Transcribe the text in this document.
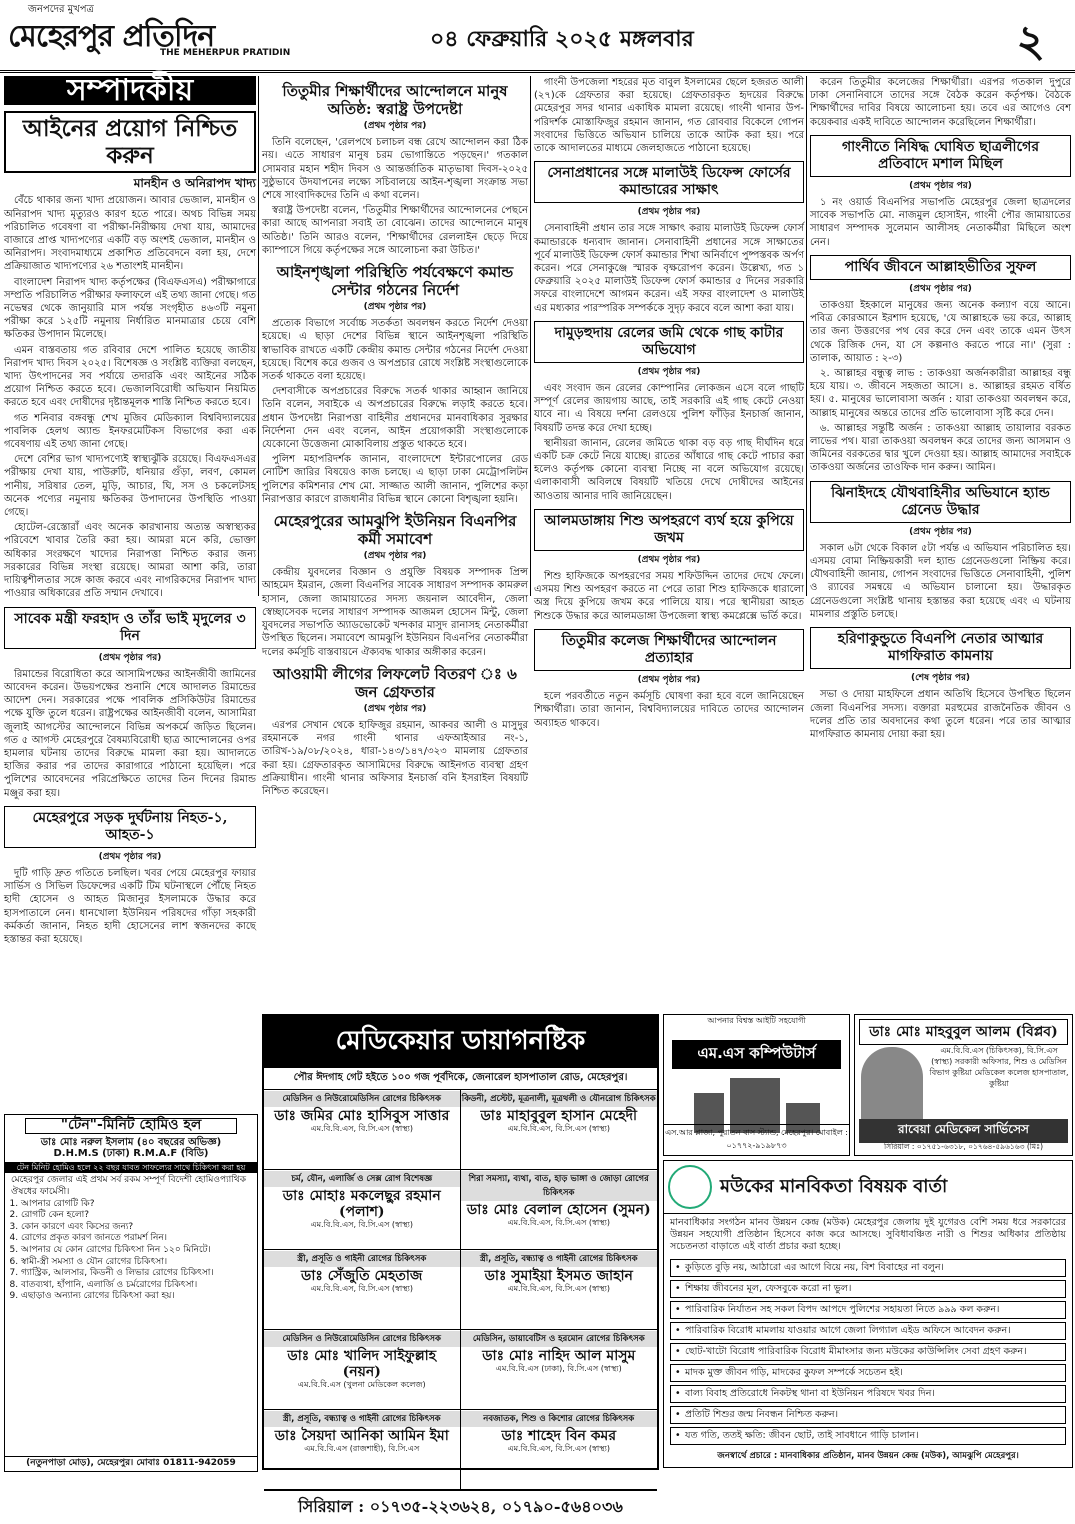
জনপদের মুখপত্র
মেহেরপুর প্রতিদিন
THE MEHERPUR PRATIDIN
০৪ ফেব্রুয়ারি ২০২৫ মঙ্গলবার	২
সম্পাদকীয়
আইনের প্রয়োগ নিশ্চিত করুন
মানহীন ও অনিরাপদ খাদ্য

বেঁচে থাকার জন্য খাদ্য প্রয়োজন। আবার ভেজাল, মানহীন ও অনিরাপদ খাদ্য মৃত্যুরও কারণ হতে পারে। অথচ বিভিন্ন সময় পরিচালিত গবেষণা বা পরীক্ষা-নিরীক্ষায় দেখা যায়, আমাদের বাজারে প্রাপ্ত খাদ্যপণ্যের একটি বড় অংশই ভেজাল, মানহীন ও অনিরাপদ। সংবাদমাধ্যমে প্রকাশিত প্রতিবেদনে বলা হয়, দেশে প্রক্রিয়াজাত খাদ্যপণ্যের ২৬ শতাংশই মানহীন।

বাংলাদেশ নিরাপদ খাদ্য কর্তৃপক্ষের (বিএফএসএ) পরীক্ষাগারে সম্প্রতি পরিচালিত পরীক্ষার ফলাফলে এই তথ্য জানা গেছে। গত নভেম্বর থেকে জানুয়ারি মাস পর্যন্ত সংগৃহীত ৪৬৩টি নমুনা পরীক্ষা করে ১২৫টি নমুনায় নির্ধারিত মানমাত্রার চেয়ে বেশি ক্ষতিকর উপাদান মিলেছে।

এমন বাস্তবতায় গত রবিবার দেশে পালিত হয়েছে জাতীয় নিরাপদ খাদ্য দিবস ২০২৫। বিশেষজ্ঞ ও সংশ্লিষ্ট ব্যক্তিরা বলছেন, খাদ্য উৎপাদনের সব পর্যায়ে তদারকি এবং আইনের সঠিক প্রয়োগ নিশ্চিত করতে হবে। ভেজালবিরোধী অভিযান নিয়মিত করতে হবে এবং দোষীদের দৃষ্টান্তমূলক শাস্তি নিশ্চিত করতে হবে।

গত শনিবার বঙ্গবন্ধু শেখ মুজিব মেডিক্যাল বিশ্ববিদ্যালয়ের পাবলিক হেলথ অ্যান্ড ইনফরমেটিকস বিভাগের করা এক গবেষণায় এই তথ্য জানা গেছে।

দেশে বেশির ভাগ খাদ্যপণ্যেই স্বাস্থ্যঝুঁকি রয়েছে। বিএফএসএর পরীক্ষায় দেখা যায়, পাউরুটি, ধনিয়ার গুঁড়া, লবণ, কোমল পানীয়, সরিষার তেল, মুড়ি, আচার, ঘি, সস ও চকলেটসহ অনেক পণ্যের নমুনায় ক্ষতিকর উপাদানের উপস্থিতি পাওয়া গেছে।

হোটেল-রেস্তোরাঁ এবং অনেক কারখানায় অত্যন্ত অস্বাস্থ্যকর পরিবেশে খাবার তৈরি করা হয়। আমরা মনে করি, ভোক্তা অধিকার সংরক্ষণে খাদ্যের নিরাপত্তা নিশ্চিত করার জন্য সরকারের বিভিন্ন সংস্থা রয়েছে। আমরা আশা করি, তারা দায়িত্বশীলতার সঙ্গে কাজ করবে এবং নাগরিকদের নিরাপদ খাদ্য পাওয়ার অধিকারের প্রতি সম্মান দেখাবে।

সাবেক মন্ত্রী ফরহাদ ও তাঁর ভাই মৃদুলের ৩ দিন
(প্রথম পৃষ্ঠার পর)

রিমান্ডের বিরোধিতা করে আসামিপক্ষের আইনজীবী জামিনের আবেদন করেন। উভয়পক্ষের শুনানি শেষে আদালত রিমান্ডের আদেশ দেন। সরকারের পক্ষে পাবলিক প্রসিকিউটর রিমান্ডের পক্ষে যুক্তি তুলে ধরেন। রাষ্ট্রপক্ষের আইনজীবী বলেন, আসামিরা জুলাই আগস্টের আন্দোলনে বিভিন্ন অপকর্মে জড়িত ছিলেন। গত ৫ আগস্ট মেহেরপুরে বৈষম্যবিরোধী ছাত্র আন্দোলনের ওপর হামলার ঘটনায় তাদের বিরুদ্ধে মামলা করা হয়। আদালতে হাজির করার পর তাদের কারাগারে পাঠানো হয়েছিল। পরে পুলিশের আবেদনের পরিপ্রেক্ষিতে তাদের তিন দিনের রিমান্ড মঞ্জুর করা হয়।

মেহেরপুরে সড়ক দুর্ঘটনায় নিহত-১, আহত-১
(প্রথম পৃষ্ঠার পর)

দুটি গাড়ি দ্রুত গতিতে চলছিল। খবর পেয়ে মেহেরপুর ফায়ার সার্ভিস ও সিভিল ডিফেন্সের একটি টিম ঘটনাস্থলে পৌঁছে নিহত হাদী হোসেন ও আহত মিজানুর ইসলামকে উদ্ধার করে হাসপাতালে নেন। ধানখোলা ইউনিয়ন পরিষদের গাঁড়া সহকারী কর্মকর্তা জানান, নিহত হাদী হোসেনের লাশ স্বজনদের কাছে হস্তান্তর করা হয়েছে।

তিতুমীর শিক্ষার্থীদের আন্দোলনে মানুষ অতিষ্ঠ: স্বরাষ্ট্র উপদেষ্টা
(প্রথম পৃষ্ঠার পর)

তিনি বলেছেন, 'রেলপথে চলাচল বন্ধ রেখে আন্দোলন করা ঠিক নয়। এতে সাধারণ মানুষ চরম ভোগান্তিতে পড়ছেন।' গতকাল সোমবার মহান শহীদ দিবস ও আন্তর্জাতিক মাতৃভাষা দিবস-২০২৫ সুষ্ঠুভাবে উদযাপনের লক্ষ্যে সচিবালয়ে আইন-শৃঙ্খলা সংক্রান্ত সভা শেষে সাংবাদিকদের তিনি এ কথা বলেন।

স্বরাষ্ট্র উপদেষ্টা বলেন, 'তিতুমীর শিক্ষার্থীদের আন্দোলনের পেছনে কারা আছে আপনারা সবাই তা বোঝেন। তাদের আন্দোলনে মানুষ অতিষ্ঠ।' তিনি আরও বলেন, 'শিক্ষার্থীদের রেললাইন ছেড়ে দিয়ে ক্যাম্পাসে গিয়ে কর্তৃপক্ষের সঙ্গে আলোচনা করা উচিত।'

আইনশৃঙ্খলা পরিস্থিতি পর্যবেক্ষণে কমান্ড সেন্টার গঠনের নির্দেশ
(প্রথম পৃষ্ঠার পর)

প্রত্যেক বিভাগে সর্বোচ্চ সতর্কতা অবলম্বন করতে নির্দেশ দেওয়া হয়েছে। এ ছাড়া দেশের বিভিন্ন স্থানে আইনশৃঙ্খলা পরিস্থিতি স্বাভাবিক রাখতে একটি কেন্দ্রীয় কমান্ড সেন্টার গঠনের নির্দেশ দেওয়া হয়েছে। বিশেষ করে গুজব ও অপপ্রচার রোধে সংশ্লিষ্ট সংস্থাগুলোকে সতর্ক থাকতে বলা হয়েছে।

দেশবাসীকে অপপ্রচারের বিরুদ্ধে সতর্ক থাকার আহ্বান জানিয়ে তিনি বলেন, সবাইকে এ অপপ্রচারের বিরুদ্ধে লড়াই করতে হবে। প্রধান উপদেষ্টা নিরাপত্তা বাহিনীর প্রধানদের মানবাধিকার সুরক্ষার নির্দেশনা দেন এবং বলেন, আইন প্রয়োগকারী সংস্থাগুলোকে যেকোনো উত্তেজনা মোকাবিলায় প্রস্তুত থাকতে হবে।

পুলিশ মহাপরিদর্শক জানান, বাংলাদেশে ইন্টারপোলের রেড নোটিশ জারির বিষয়েও কাজ চলছে। এ ছাড়া ঢাকা মেট্রোপলিটন পুলিশের কমিশনার শেখ মো. সাজ্জাত আলী জানান, পুলিশের কড়া নিরাপত্তার কারণে রাজধানীর বিভিন্ন স্থানে কোনো বিশৃঙ্খলা হয়নি।

মেহেরপুরের আমঝুপি ইউনিয়ন বিএনপির কর্মী সমাবেশ
(প্রথম পৃষ্ঠার পর)

কেন্দ্রীয় যুবদলের বিজ্ঞান ও প্রযুক্তি বিষয়ক সম্পাদক প্রিন্স আহমেদ ইমরান, জেলা বিএনপির সাবেক সাধারণ সম্পাদক কামরুল হাসান, জেলা জামায়াতের সদস্য জয়নাল আবেদীন, জেলা স্বেচ্ছাসেবক দলের সাধারণ সম্পাদক আজমল হোসেন মিন্টু, জেলা যুবদলের সভাপতি অ্যাডভোকেট খন্দকার মাসুদ রানাসহ নেতাকর্মীরা উপস্থিত ছিলেন। সমাবেশে আমঝুপি ইউনিয়ন বিএনপির নেতাকর্মীরা দলের কর্মসূচি বাস্তবায়নে ঐক্যবদ্ধ থাকার অঙ্গীকার করেন।

আওয়ামী লীগের লিফলেট বিতরণ ঃ ৬ জন গ্রেফতার
(প্রথম পৃষ্ঠার পর)

এরপর সেখান থেকে হাফিজুর রহমান, আকবর আলী ও মাসুদুর রহমানকে নগর গাংনী থানার এফআইআর নং-১, তারিখ-১৯/০৮/২০২৪, ধারা-১৪৩/১৪৭/৩২৩ মামলায় গ্রেফতার করা হয়। গ্রেফতারকৃত আসামিদের বিরুদ্ধে আইনগত ব্যবস্থা গ্রহণ প্রক্রিয়াধীন। গাংনী থানার অফিসার ইনচার্জ বনি ইসরাইল বিষয়টি নিশ্চিত করেছেন।

গাংনী উপজেলা শহরের মৃত বাবুল ইসলামের ছেলে হজরত আলী (২৭)কে গ্রেফতার করা হয়েছে। গ্রেফতারকৃত হৃদয়ের বিরুদ্ধে মেহেরপুর সদর থানার একাধিক মামলা রয়েছে। গাংনী থানার উপ-পরিদর্শক মোস্তাফিজুর রহমান জানান, গত রোববার বিকেলে গোপন সংবাদের ভিত্তিতে অভিযান চালিয়ে তাকে আটক করা হয়। পরে তাকে আদালতের মাধ্যমে জেলহাজতে পাঠানো হয়েছে।

সেনাপ্রধানের সঙ্গে মালাউই ডিফেন্স ফোর্সের কমান্ডারের সাক্ষাৎ
(প্রথম পৃষ্ঠার পর)

সেনাবাহিনী প্রধান তার সঙ্গে সাক্ষাৎ করায় মালাউই ডিফেন্স ফোর্স কমান্ডারকে ধন্যবাদ জানান। সেনাবাহিনী প্রধানের সঙ্গে সাক্ষাতের পূর্বে মালাউই ডিফেন্স ফোর্স কমান্ডার শিখা অনির্বাণে পুষ্পস্তবক অর্পণ করেন। পরে সেনাকুঞ্জে স্মারক বৃক্ষরোপণ করেন। উল্লেখ্য, গত ১ ফেব্রুয়ারি ২০২৫ মালাউই ডিফেন্স ফোর্স কমান্ডার ৫ দিনের সরকারি সফরে বাংলাদেশে আগমন করেন। এই সফর বাংলাদেশ ও মালাউই এর মধ্যকার পারস্পরিক সম্পর্ককে সুদৃঢ় করবে বলে আশা করা যায়।

দামুড়হুদায় রেলের জমি থেকে গাছ কাটার অভিযোগ
(প্রথম পৃষ্ঠার পর)

এবং সংবাদ জন রেলের কোম্পানির লোকজন এসে বলে গাছটি সম্পূর্ণ রেলের জায়গায় আছে, তাই সরকারি এই গাছ কেটে নেওয়া যাবে না। এ বিষয়ে দর্শনা রেলওয়ে পুলিশ ফাঁড়ির ইনচার্জ জানান, বিষয়টি তদন্ত করে দেখা হচ্ছে।

স্থানীয়রা জানান, রেলের জমিতে থাকা বড় বড় গাছ দীর্ঘদিন ধরে একটি চক্র কেটে নিয়ে যাচ্ছে। রাতের আঁধারে গাছ কেটে পাচার করা হলেও কর্তৃপক্ষ কোনো ব্যবস্থা নিচ্ছে না বলে অভিযোগ রয়েছে। এলাকাবাসী অবিলম্বে বিষয়টি খতিয়ে দেখে দোষীদের আইনের আওতায় আনার দাবি জানিয়েছেন।

আলমডাঙ্গায় শিশু অপহরণে ব্যর্থ হয়ে কুপিয়ে জখম
(প্রথম পৃষ্ঠার পর)

শিশু হাফিজকে অপহরণের সময় শফিউদ্দিন তাদের দেখে ফেলে। এসময় শিশু অপহরণ করতে না পেরে তারা শিশু হাফিজকে ধারালো অস্ত্র দিয়ে কুপিয়ে জখম করে পালিয়ে যায়। পরে স্থানীয়রা আহত শিশুকে উদ্ধার করে আলমডাঙ্গা উপজেলা স্বাস্থ্য কমপ্লেক্সে ভর্তি করে।

তিতুমীর কলেজ শিক্ষার্থীদের আন্দোলন প্রত্যাহার
(প্রথম পৃষ্ঠার পর)

হলে পরবর্তীতে নতুন কর্মসূচি ঘোষণা করা হবে বলে জানিয়েছেন শিক্ষার্থীরা। তারা জানান, বিশ্ববিদ্যালয়ের দাবিতে তাদের আন্দোলন অব্যাহত থাকবে।

করেন তিতুমীর কলেজের শিক্ষার্থীরা। এরপর গতকাল দুপুরে ঢাকা সেনানিবাসে তাদের সঙ্গে বৈঠক করেন কর্তৃপক্ষ। বৈঠকে শিক্ষার্থীদের দাবির বিষয়ে আলোচনা হয়। তবে এর আগেও বেশ কয়েকবার একই দাবিতে আন্দোলন করেছিলেন শিক্ষার্থীরা।

গাংনীতে নিষিদ্ধ ঘোষিত ছাত্রলীগের প্রতিবাদে মশাল মিছিল
(প্রথম পৃষ্ঠার পর)

১ নং ওয়ার্ড বিএনপির সভাপতি মেহেরপুর জেলা ছাত্রদলের সাবেক সভাপতি মো. নাজমুল হোসাইন, গাংনী পৌর জামায়াতের সাধারণ সম্পাদক সুলেমান আলীসহ নেতাকর্মীরা মিছিলে অংশ নেন।

পার্থিব জীবনে আল্লাহভীতির সুফল
(প্রথম পৃষ্ঠার পর)

তাকওয়া ইহকালে মানুষের জন্য অনেক কল্যাণ বয়ে আনে। পবিত্র কোরআনে ইরশাদ হয়েছে, 'যে আল্লাহকে ভয় করে, আল্লাহ তার জন্য উত্তরণের পথ বের করে দেন এবং তাকে এমন উৎস থেকে রিজিক দেন, যা সে কল্পনাও করতে পারে না।' (সুরা : তালাক, আয়াত : ২-৩)

২. আল্লাহর বন্ধুত্ব লাভ : তাকওয়া অর্জনকারীরা আল্লাহর বন্ধু হয়ে যায়। ৩. জীবনে সহজতা আসে। ৪. আল্লাহর রহমত বর্ষিত হয়। ৫. মানুষের ভালোবাসা অর্জন : যারা তাকওয়া অবলম্বন করে, আল্লাহ মানুষের অন্তরে তাদের প্রতি ভালোবাসা সৃষ্টি করে দেন।

৬. আল্লাহর সন্তুষ্টি অর্জন : তাকওয়া আল্লাহ তায়ালার বরকত লাভের পথ। যারা তাকওয়া অবলম্বন করে তাদের জন্য আসমান ও জমিনের বরকতের দ্বার খুলে দেওয়া হয়। আল্লাহ আমাদের সবাইকে তাকওয়া অর্জনের তাওফিক দান করুন। আমিন।

ঝিনাইদহে যৌথবাহিনীর অভিযানে হ্যান্ড গ্রেনেড উদ্ধার
(প্রথম পৃষ্ঠার পর)

সকাল ৬টা থেকে বিকাল ৫টা পর্যন্ত এ অভিযান পরিচালিত হয়। এসময় বোমা নিষ্ক্রিয়কারী দল হ্যান্ড গ্রেনেডগুলো নিষ্ক্রিয় করে। যৌথবাহিনী জানায়, গোপন সংবাদের ভিত্তিতে সেনাবাহিনী, পুলিশ ও র‍্যাবের সমন্বয়ে এ অভিযান চালানো হয়। উদ্ধারকৃত গ্রেনেডগুলো সংশ্লিষ্ট থানায় হস্তান্তর করা হয়েছে এবং এ ঘটনায় মামলার প্রস্তুতি চলছে।

হরিণাকুন্ডুতে বিএনপি নেতার আত্মার মাগফিরাত কামনায়
(শেষ পৃষ্ঠার পর)

সভা ও দোয়া মাহফিলে প্রধান অতিথি হিসেবে উপস্থিত ছিলেন জেলা বিএনপির সদস্য। বক্তারা মরহুমের রাজনৈতিক জীবন ও দলের প্রতি তার অবদানের কথা তুলে ধরেন। পরে তার আত্মার মাগফিরাত কামনায় দোয়া করা হয়।

"টেন"-মিনিট হোমিও হল
ডাঃ মোঃ নরুল ইসলাম (৪০ বছরের অভিজ্ঞ)
D.H.M.S (ঢাকা) R.M.A.F (বিডি)
টেন মিনিট হোমিও হলে ২২ বছর যাবত সাফল্যের সাথে চিকিৎসা করা হয়
মেহেরপুর জেলার এই প্রথম সর্ব রকম সম্পূর্ণ বিদেশী হোমিওপ্যাথিক ঔষধের ফার্মেসী।
1. আপনার রোগটি কি?
2. রোগটি কেন হলো?
3. কোন কারণে এবং কিসের জন্য?
4. রোগের প্রকৃত কারণ জানতে পরামর্শ নিন।
5. আপনার যে কোন রোগের চিকিৎসা নিন ১২০ মিনিটে।
6. স্বামী-স্ত্রী সমস্যা ও যৌন রোগের চিকিৎসা।
7. গ্যাস্ট্রিক, আলসার, কিডনী ও লিভার রোগের চিকিৎসা।
8. বাতব্যথা, হাঁপানি, এলার্জি ও চর্মরোগের চিকিৎসা।
9. এছাড়াও অন্যান্য রোগের চিকিৎসা করা হয়।
(নতুনপাড়া মোড়), মেহেরপুর। মোবাঃ 01811-942059
মেডিকেয়ার ডায়াগনষ্টিক
পৌর ঈদগাহ গেট হইতে ১০০ গজ পূর্বদিকে, জেনারেল হাসপাতাল রোড, মেহেরপুর।
মেডিসিন ও নিউরোমেডিসিন রোগের চিকিৎসক
ডাঃ জমির মোঃ হাসিবুস সাত্তার
এম.বি.বি.এস, বি.সি.এস (স্বাস্থ্য)
কিডনী, প্রস্টেট, মূত্রনালী, মূত্রথলী ও যৌনরোগ চিকিৎসক
ডাঃ মাহাবুবুল হাসান মেহেদী
এম.বি.বি.এস, বি.সি.এস (স্বাস্থ্য)
চর্ম, যৌন, এলার্জি ও সেক্স রোগ বিশেষজ্ঞ
ডাঃ মোহাঃ মকলেছুর রহমান (পলাশ)
এম.বি.বি.এস, বি.সি.এস (স্বাস্থ্য)
শিরা সমস্যা, ব্যথা, বাত, হাড় ভাঙ্গা ও জোড়া রোগের চিকিৎসক
ডাঃ মোঃ বেলাল হোসেন (সুমন)
এম.বি.বি.এস, বি.সি.এস (স্বাস্থ্য)
স্ত্রী, প্রসূতি ও গাইনী রোগের চিকিৎসক
ডাঃ সেঁজুতি মেহতাজ
এম.বি.বি.এস, বি.সি.এস (স্বাস্থ্য)
স্ত্রী, প্রসূতি, বন্ধ্যাত্ব ও গাইনী রোগের চিকিৎসক
ডাঃ সুমাইয়া ইসমত জাহান
এম.বি.বি.এস, বি.সি.এস (স্বাস্থ্য)
মেডিসিন ও নিউরোমেডিসিন রোগের চিকিৎসক
ডাঃ মোঃ খালিদ সাইফুল্লাহ (নয়ন)
এম.বি.বি.এস (খুলনা মেডিকেল কলেজ)
মেডিসিন, ডায়াবেটিস ও হরমোন রোগের চিকিৎসক
ডাঃ মোঃ নাহিদ আল মাসুম
এম.বি.বি.এস (ঢাকা), বি.সি.এস (স্বাস্থ্য)
স্ত্রী, প্রসূতি, বন্ধ্যাত্ব ও গাইনী রোগের চিকিৎসক
ডাঃ সৈয়দা আনিকা আমিন ইমা
এম.বি.বি.এস (রাজশাহী), বি.সি.এস
নবজাতক, শিশু ও কিশোর রোগের চিকিৎসক
ডাঃ শাহেদ বিন কমর
এম.বি.বি.এস, বি.সি.এস (স্বাস্থ্য)
সিরিয়াল : ০১৭৩৫-২২৩৬২৪, ০১৭৯০-৫৬৪০৩৬
আপনার বিশ্বস্ত আইটি সহযোগী
এম.এস কম্পিউটার্স
এস.আর প্লাজা, পুরাতন বাস স্ট্যান্ড, মেহেরপুর। মোবাইল : ০১৭৭২-৯১৯৮৭৩
ডাঃ মোঃ মাহবুবুল আলম (বিপ্লব)
এম.বি.বি.এস (চিকিৎসক), বি.সি.এস (স্বাস্থ্য) সরকারী অফিসার, শিশু ও মেডিসিন বিভাগ কুষ্টিয়া মেডিকেল কলেজ হাসপাতাল, কুষ্টিয়া
রাবেয়া মেডিকেল সার্ভিসেস
সিরিয়াল : ০১৭৫১-৬৩১৮, ০১৭৬৪-৫৯৬১৬৩ (মিঃ)
মউকের মানবিকতা বিষয়ক বার্তা
মানবাধিকার সংগঠন মানব উন্নয়ন কেন্দ্র (মউক) মেহেরপুর জেলায় দুই যুগেরও বেশি সময় ধরে সরকারের উন্নয়ন সহযোগী প্রতিষ্ঠান হিসেবে কাজ করে আসছে। সুবিধাবঞ্চিত নারী ও শিশুর অধিকার প্রতিষ্ঠায় সচেতনতা বাড়াতে এই বার্তা প্রচার করা হচ্ছে।
• কুড়িতে বুড়ি নয়, আঠারো এর আগে বিয়ে নয়, বিশ বিবাহের না বলুন।
• শিক্ষায় জীবনের মূল, ফেসবুকে করো না ভুল।
• পারিবারিক নির্যাতন সহ সকল বিপদ আপদে পুলিশের সহায়তা নিতে ৯৯৯ কল করুন।
• পারিবারিক বিরোধ মামলায় যাওয়ার আগে জেলা লিগ্যাল এইড অফিসে আবেদন করুন।
• ছোট-খাটো বিরোধ পারিবারিক বিরোধ মীমাংসার জন্য মউকের কাউন্সিলিং সেবা গ্রহণ করুন।
• মাদক মুক্ত জীবন গড়ি, মাদকের কুফল সম্পর্কে সচেতন হই।
• বাল্য বিবাহ প্রতিরোধে নিকটস্থ থানা বা ইউনিয়ন পরিষদে খবর দিন।
• প্রতিটি শিশুর জন্ম নিবন্ধন নিশ্চিত করুন।
• যত গতি, ততই ক্ষতি: জীবন ছোট, তাই সাবধানে গাড়ি চালান।
জনস্বার্থে প্রচারে : মানবাধিকার প্রতিষ্ঠান, মানব উন্নয়ন কেন্দ্র (মউক), আমঝুপি মেহেরপুর।
